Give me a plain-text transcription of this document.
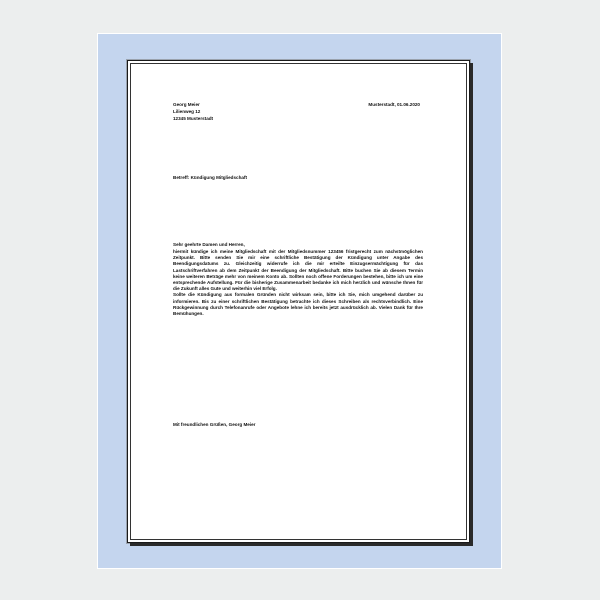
Georg Meier
Lilienweg 12
12345 Musterstadt
Musterstadt, 01.06.2020
Betreff: Kündigung Mitgliedschaft
Sehr geehrte Damen und Herren,

hiermit kündige ich meine Mitgliedschaft mit der Mitgliedsnummer 123456 fristgerecht zum nächstmöglichen Zeitpunkt. Bitte senden Sie mir eine schriftliche Bestätigung der Kündigung unter Angabe des Beendigungsdatums zu. Gleichzeitig widerrufe ich die mir erteilte Einzugsermächtigung für das Lastschriftverfahren ab dem Zeitpunkt der Beendigung der Mitgliedschaft. Bitte buchen Sie ab diesem Termin keine weiteren Beträge mehr von meinem Konto ab. Sollten noch offene Forderungen bestehen, bitte ich um eine entsprechende Aufstellung. Für die bisherige Zusammenarbeit bedanke ich mich herzlich und wünsche Ihnen für die Zukunft alles Gute und weiterhin viel Erfolg.

Sollte die Kündigung aus formalen Gründen nicht wirksam sein, bitte ich Sie, mich umgehend darüber zu informieren. Bis zu einer schriftlichen Bestätigung betrachte ich dieses Schreiben als rechtsverbindlich. Eine Rückgewinnung durch Telefonanrufe oder Angebote lehne ich bereits jetzt ausdrücklich ab. Vielen Dank für Ihre Bemühungen.

Mit freundlichen Grüßen, Georg Meier
